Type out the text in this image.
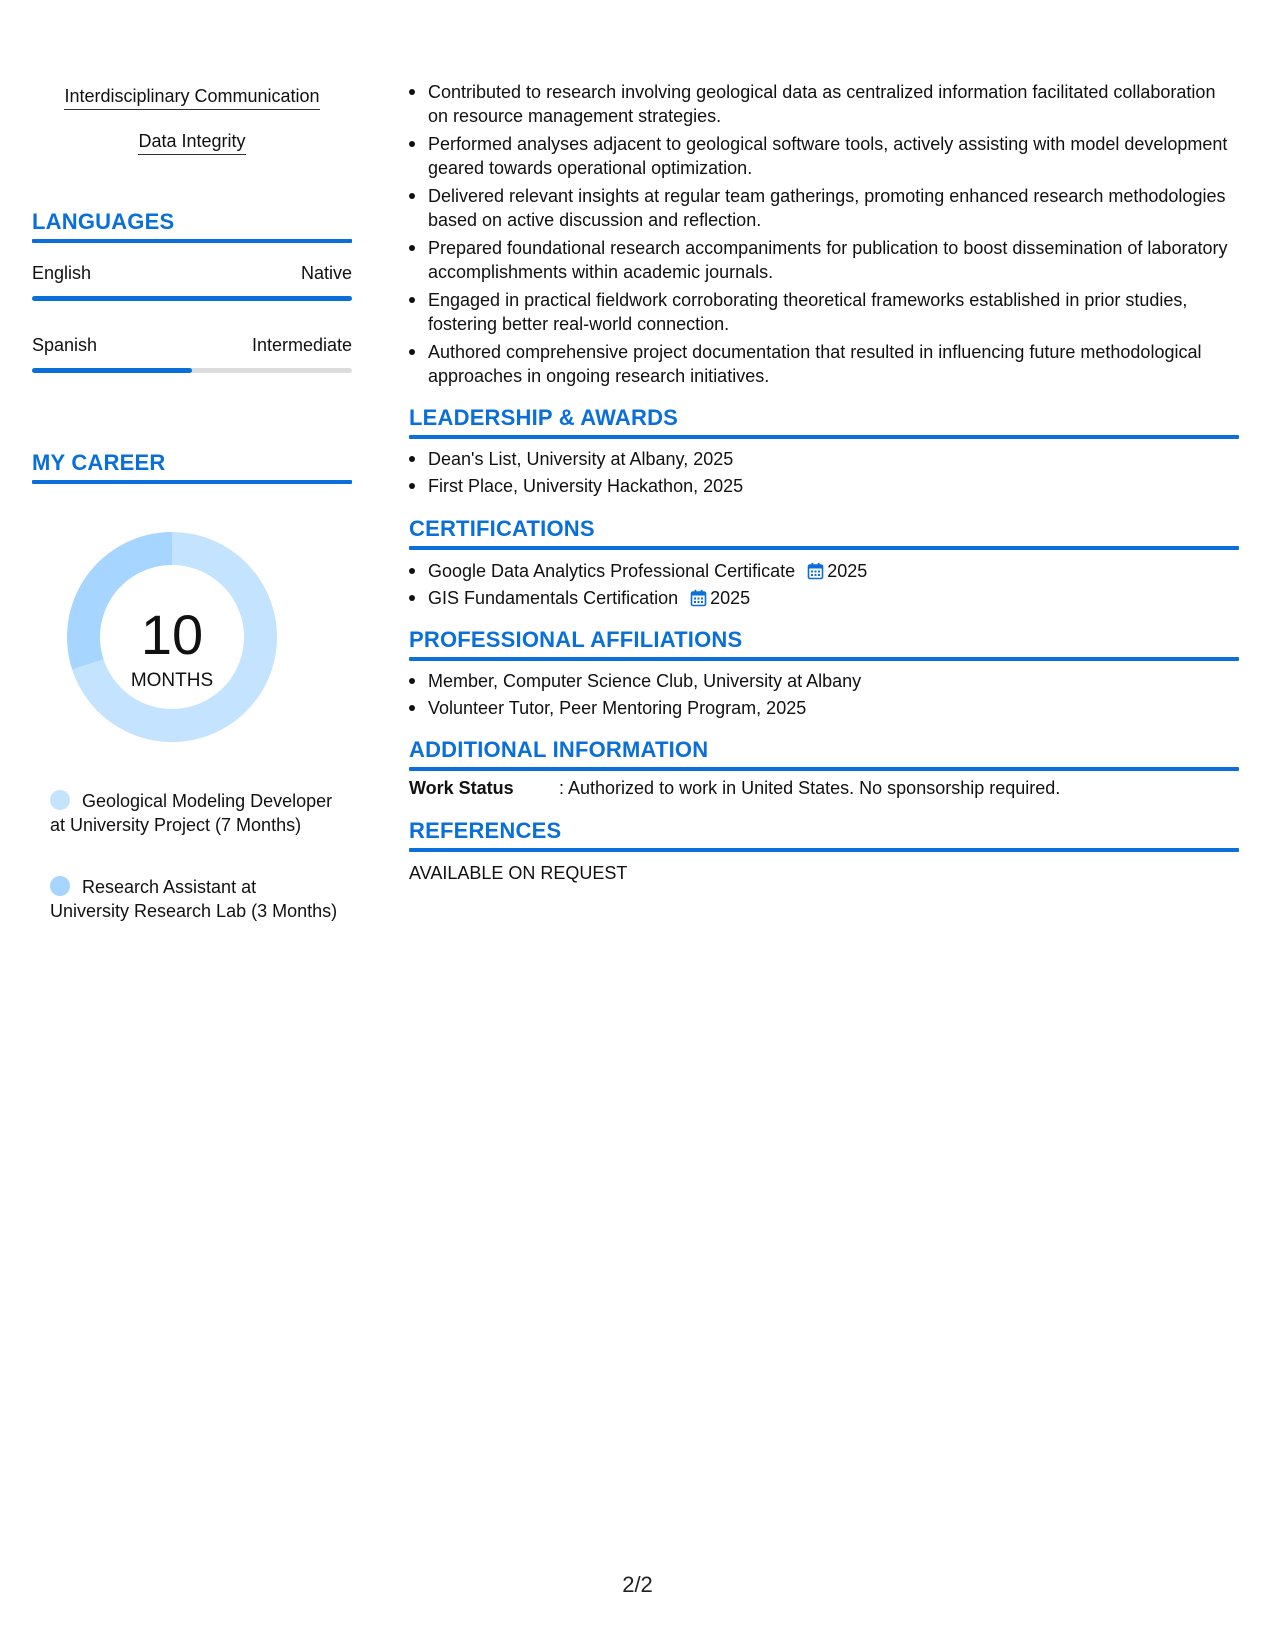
Interdisciplinary Communication
Data Integrity
LANGUAGES
English	Native
Spanish	Intermediate
MY CAREER
10
MONTHS
Geological Modeling Developer at University Project (7 Months)
Research Assistant at University Research Lab (3 Months)
Contributed to research involving geological data as centralized information facilitated collaboration on resource management strategies.
Performed analyses adjacent to geological software tools, actively assisting with model development geared towards operational optimization.
Delivered relevant insights at regular team gatherings, promoting enhanced research methodologies based on active discussion and reflection.
Prepared foundational research accompaniments for publication to boost dissemination of laboratory accomplishments within academic journals.
Engaged in practical fieldwork corroborating theoretical frameworks established in prior studies, fostering better real-world connection.
Authored comprehensive project documentation that resulted in influencing future methodological approaches in ongoing research initiatives.
LEADERSHIP & AWARDS
Dean's List, University at Albany, 2025
First Place, University Hackathon, 2025
CERTIFICATIONS
Google Data Analytics Professional Certificate 2025
GIS Fundamentals Certification 2025
PROFESSIONAL AFFILIATIONS
Member, Computer Science Club, University at Albany
Volunteer Tutor, Peer Mentoring Program, 2025
ADDITIONAL INFORMATION
Work Status	: Authorized to work in United States. No sponsorship required.
REFERENCES
AVAILABLE ON REQUEST
2/2
